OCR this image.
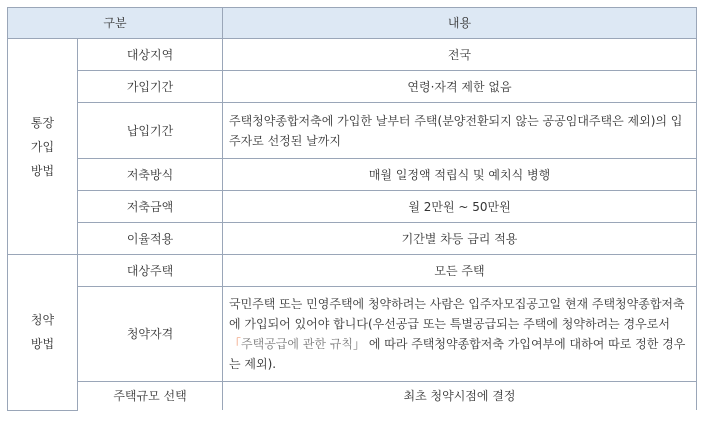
구분		내용
통장
가입
방법	대상지역	전국
	가입기간	연령·자격 제한 없음
	납입기간	주택청약종합저축에 가입한 날부터 주택(분양전환되지 않는 공공임대주택은 제외)의 입주자로 선정된 날까지
	저축방식	매월 일정액 적립식 및 예치식 병행
	저축금액	월 2만원 ~ 50만원
	이율적용	기간별 차등 금리 적용
청약
방법	대상주택	모든 주택
	청약자격	국민주택 또는 민영주택에 청약하려는 사람은 입주자모집공고일 현재 주택청약종합저축에 가입되어 있어야 합니다(우선공급 또는 특별공급되는 주택에 청약하려는 경우로서 「주택공급에 관한 규칙」 에 따라 주택청약종합저축 가입여부에 대하여 따로 정한 경우는 제외).
	주택규모 선택	최초 청약시점에 결정
